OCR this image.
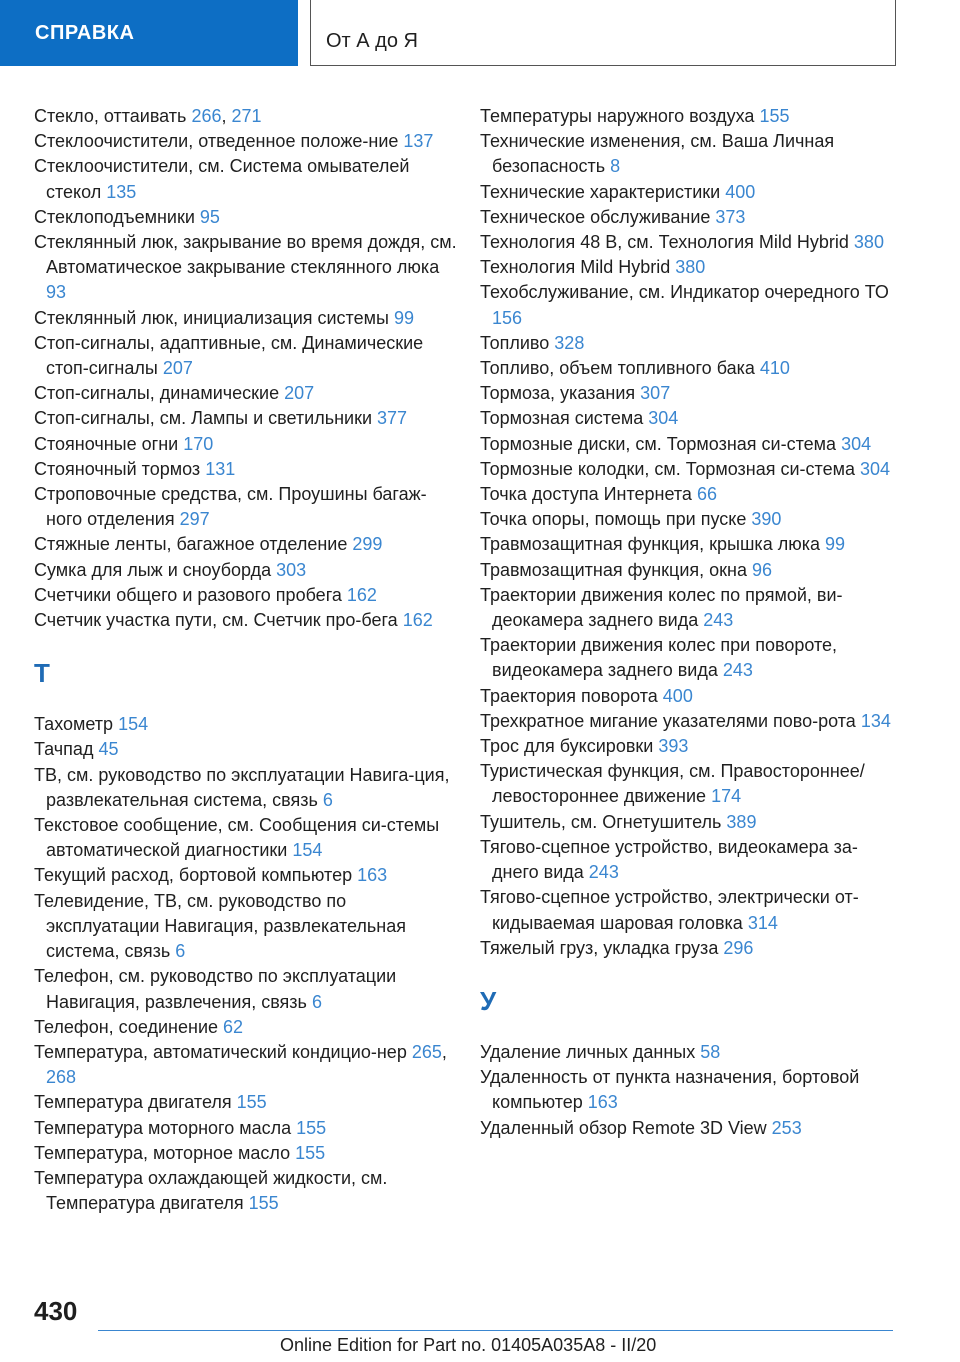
СПРАВКА	От А до Я
Стекло, оттаивать 266, 271
Стеклоочистители, отведенное положе-ние 137
Стеклоочистители, см. Система омывателей стекол 135
Стеклоподъемники 95
Стеклянный люк, закрывание во время дождя, см. Автоматическое закрывание стеклянного люка 93
Стеклянный люк, инициализация системы 99
Стоп-сигналы, адаптивные, см. Динамические стоп-сигналы 207
Стоп-сигналы, динамические 207
Стоп-сигналы, см. Лампы и светильники 377
Стояночные огни 170
Стояночный тормоз 131
Строповочные средства, см. Проушины багаж-ного отделения 297
Стяжные ленты, багажное отделение 299
Сумка для лыж и сноуборда 303
Счетчики общего и разового пробега 162
Счетчик участка пути, см. Счетчик про-бега 162
Т
Тахометр 154
Тачпад 45
ТВ, см. руководство по эксплуатации Навига-ция, развлекательная система, связь 6
Текстовое сообщение, см. Сообщения си-стемы автоматической диагностики 154
Текущий расход, бортовой компьютер 163
Телевидение, ТВ, см. руководство по эксплуатации Навигация, развлекательная система, связь 6
Телефон, см. руководство по эксплуатации Навигация, развлечения, связь 6
Телефон, соединение 62
Температура, автоматический кондицио-нер 265, 268
Температура двигателя 155
Температура моторного масла 155
Температура, моторное масло 155
Температура охлаждающей жидкости, см. Температура двигателя 155
Температуры наружного воздуха 155
Технические изменения, см. Ваша Личная безопасность 8
Технические характеристики 400
Техническое обслуживание 373
Технология 48 В, см. Технология Mild Hybrid 380
Технология Mild Hybrid 380
Техобслуживание, см. Индикатор очередного ТО 156
Топливо 328
Топливо, объем топливного бака 410
Тормоза, указания 307
Тормозная система 304
Тормозные диски, см. Тормозная си-стема 304
Тормозные колодки, см. Тормозная си-стема 304
Точка доступа Интернета 66
Точка опоры, помощь при пуске 390
Травмозащитная функция, крышка люка 99
Травмозащитная функция, окна 96
Траектории движения колес по прямой, ви-деокамера заднего вида 243
Траектории движения колес при повороте, видеокамера заднего вида 243
Траектория поворота 400
Трехкратное мигание указателями пово-рота 134
Трос для буксировки 393
Туристическая функция, см. Правостороннее/ левостороннее движение 174
Тушитель, см. Огнетушитель 389
Тягово-сцепное устройство, видеокамера за-днего вида 243
Тягово-сцепное устройство, электрически от-кидываемая шаровая головка 314
Тяжелый груз, укладка груза 296
У
Удаление личных данных 58
Удаленность от пункта назначения, бортовой компьютер 163
Удаленный обзор Remote 3D View 253
430
Online Edition for Part no. 01405A035A8 - II/20
